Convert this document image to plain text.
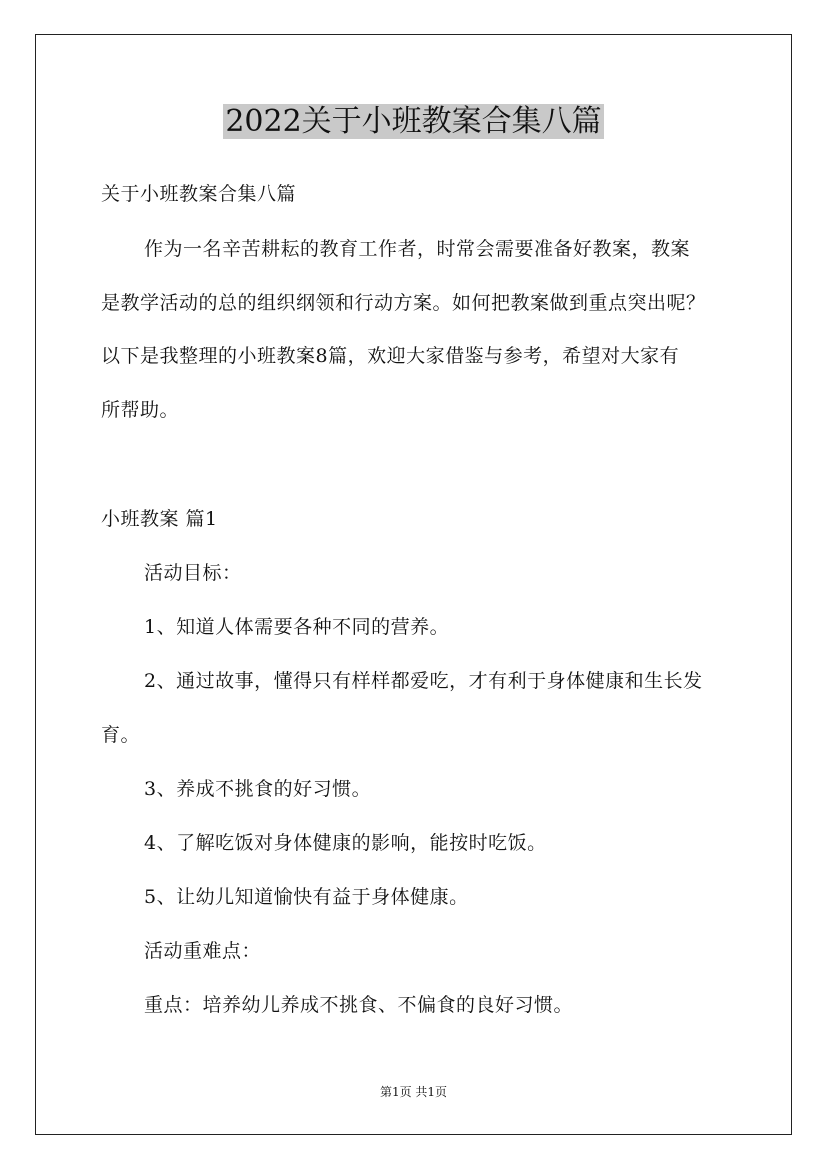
2022关于小班教案合集八篇
关于小班教案合集八篇
作为一名辛苦耕耘的教育工作者，时常会需要准备好教案，教案
是教学活动的总的组织纲领和行动方案。如何把教案做到重点突出呢？
以下是我整理的小班教案8篇，欢迎大家借鉴与参考，希望对大家有
所帮助。
小班教案 篇1
活动目标：
1、知道人体需要各种不同的营养。
2、通过故事，懂得只有样样都爱吃，才有利于身体健康和生长发
育。
3、养成不挑食的好习惯。
4、了解吃饭对身体健康的影响，能按时吃饭。
5、让幼儿知道愉快有益于身体健康。
活动重难点：
重点：培养幼儿养成不挑食、不偏食的良好习惯。
第1页 共1页
